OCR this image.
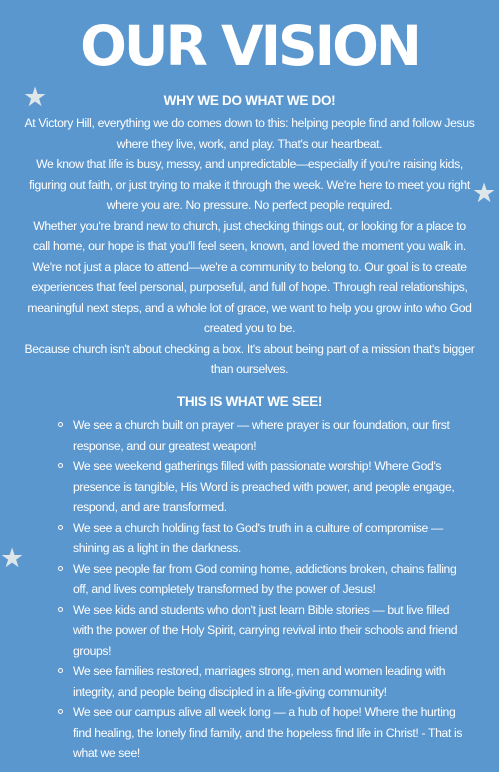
OUR VISION
★
★
★
WHY WE DO WHAT WE DO!

At Victory Hill, everything we do comes down to this: helping people find and follow Jesus where they live, work, and play. That's our heartbeat.

We know that life is busy, messy, and unpredictable—especially if you're raising kids, figuring out faith, or just trying to make it through the week. We're here to meet you right where you are. No pressure. No perfect people required.

Whether you're brand new to church, just checking things out, or looking for a place to call home, our hope is that you'll feel seen, known, and loved the moment you walk in.

We're not just a place to attend—we're a community to belong to. Our goal is to create experiences that feel personal, purposeful, and full of hope. Through real relationships, meaningful next steps, and a whole lot of grace, we want to help you grow into who God created you to be.

Because church isn't about checking a box. It's about being part of a mission that's bigger than ourselves.

THIS IS WHAT WE SEE!
We see a church built on prayer — where prayer is our foundation, our first response, and our greatest weapon!
We see weekend gatherings filled with passionate worship! Where God's presence is tangible, His Word is preached with power, and people engage, respond, and are transformed.
We see a church holding fast to God's truth in a culture of compromise — shining as a light in the darkness.
We see people far from God coming home, addictions broken, chains falling off, and lives completely transformed by the power of Jesus!
We see kids and students who don't just learn Bible stories — but live filled with the power of the Holy Spirit, carrying revival into their schools and friend groups!
We see families restored, marriages strong, men and women leading with integrity, and people being discipled in a life-giving community!
We see our campus alive all week long — a hub of hope! Where the hurting find healing, the lonely find family, and the hopeless find life in Christ! - That is what we see!
